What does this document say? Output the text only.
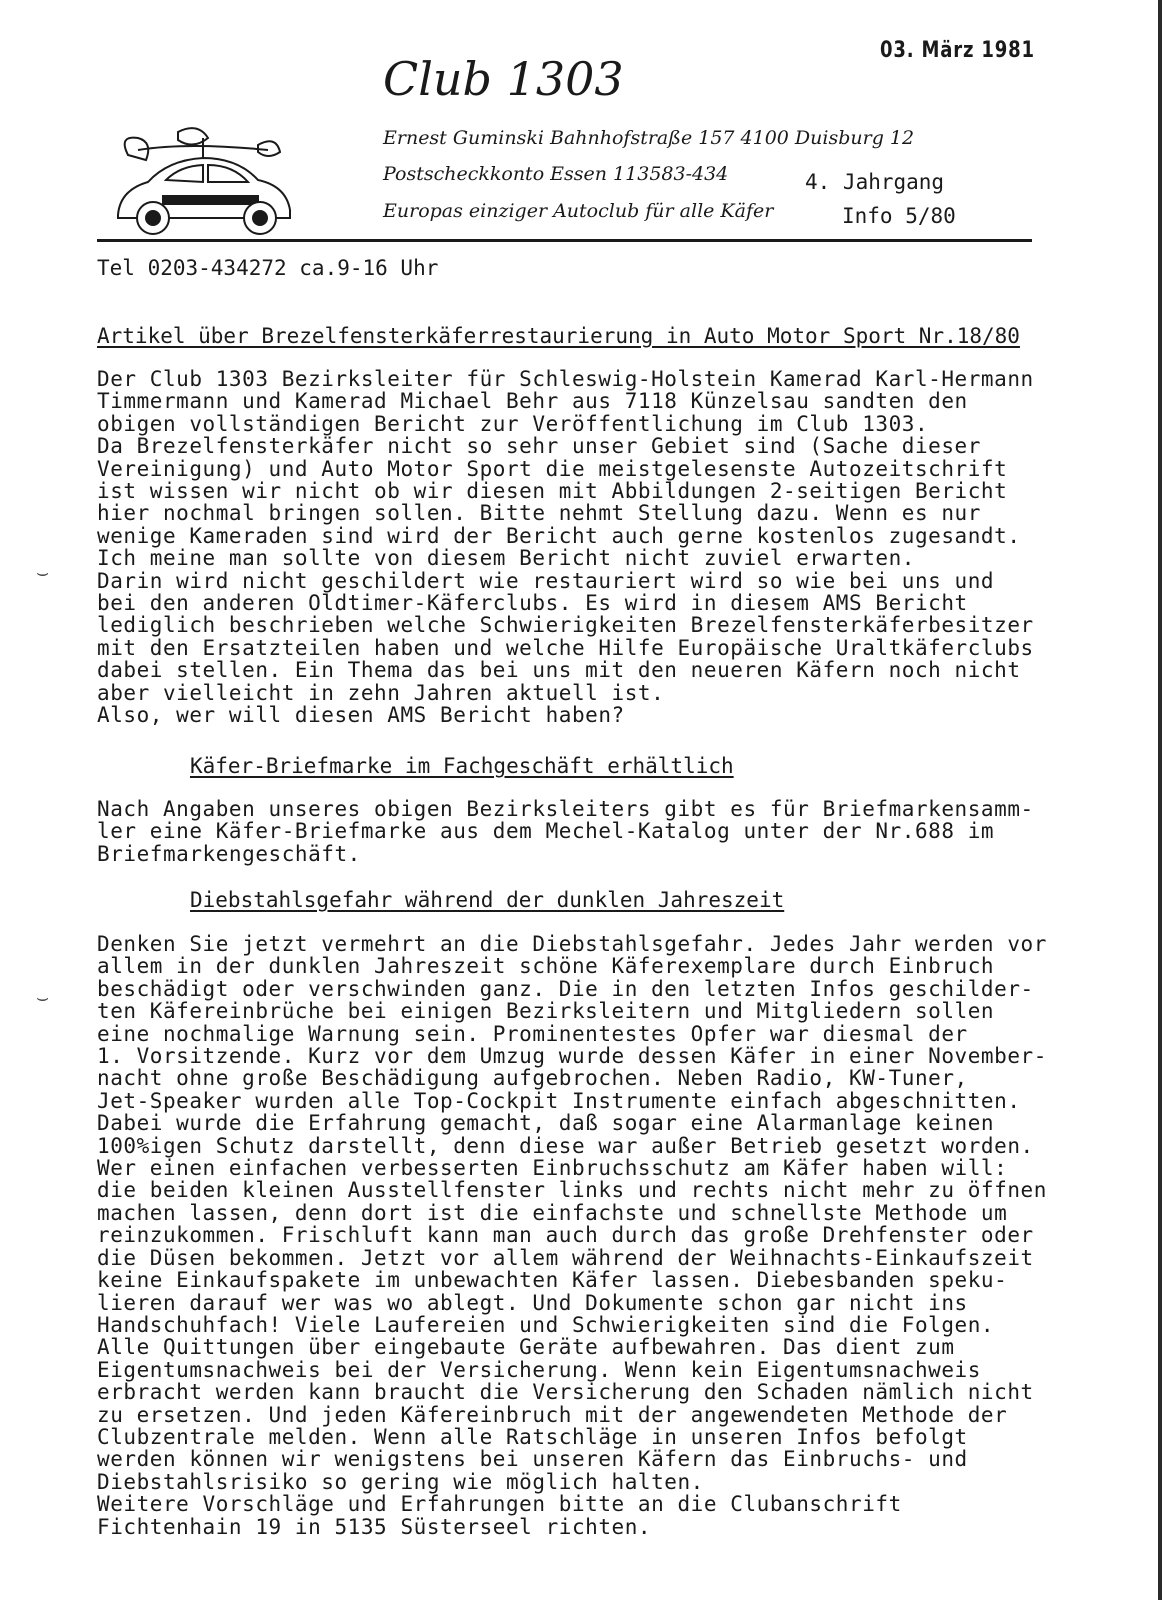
03. März 1981
Club 1303
Ernest Guminski Bahnhofstraße 157 4100 Duisburg 12
Postscheckkonto Essen 113583-434
Europas einziger Autoclub für alle Käfer
4. Jahrgang
Info 5/80
Tel 0203-434272 ca.9-16 Uhr
Artikel über Brezelfensterkäferrestaurierung in Auto Motor Sport Nr.18/80
Der Club 1303 Bezirksleiter für Schleswig-Holstein Kamerad Karl-Hermann
Timmermann und Kamerad Michael Behr aus 7118 Künzelsau sandten den
obigen vollständigen Bericht zur Veröffentlichung im Club 1303.
Da Brezelfensterkäfer nicht so sehr unser Gebiet sind (Sache dieser
Vereinigung) und Auto Motor Sport die meistgelesenste Autozeitschrift
ist wissen wir nicht ob wir diesen mit Abbildungen 2-seitigen Bericht
hier nochmal bringen sollen. Bitte nehmt Stellung dazu. Wenn es nur
wenige Kameraden sind wird der Bericht auch gerne kostenlos zugesandt.
Ich meine man sollte von diesem Bericht nicht zuviel erwarten.
Darin wird nicht geschildert wie restauriert wird so wie bei uns und
bei den anderen Oldtimer-Käferclubs. Es wird in diesem AMS Bericht
lediglich beschrieben welche Schwierigkeiten Brezelfensterkäferbesitzer
mit den Ersatzteilen haben und welche Hilfe Europäische Uraltkäferclubs
dabei stellen. Ein Thema das bei uns mit den neueren Käfern noch nicht
aber vielleicht in zehn Jahren aktuell ist.
Also, wer will diesen AMS Bericht haben?
Käfer-Briefmarke im Fachgeschäft erhältlich
Nach Angaben unseres obigen Bezirksleiters gibt es für Briefmarkensamm-
ler eine Käfer-Briefmarke aus dem Mechel-Katalog unter der Nr.688 im
Briefmarkengeschäft.
Diebstahlsgefahr während der dunklen Jahreszeit
Denken Sie jetzt vermehrt an die Diebstahlsgefahr. Jedes Jahr werden vor
allem in der dunklen Jahreszeit schöne Käferexemplare durch Einbruch
beschädigt oder verschwinden ganz. Die in den letzten Infos geschilder-
ten Käfereinbrüche bei einigen Bezirksleitern und Mitgliedern sollen
eine nochmalige Warnung sein. Prominentestes Opfer war diesmal der
1. Vorsitzende. Kurz vor dem Umzug wurde dessen Käfer in einer November-
nacht ohne große Beschädigung aufgebrochen. Neben Radio, KW-Tuner,
Jet-Speaker wurden alle Top-Cockpit Instrumente einfach abgeschnitten.
Dabei wurde die Erfahrung gemacht, daß sogar eine Alarmanlage keinen
100%igen Schutz darstellt, denn diese war außer Betrieb gesetzt worden.
Wer einen einfachen verbesserten Einbruchsschutz am Käfer haben will:
die beiden kleinen Ausstellfenster links und rechts nicht mehr zu öffnen
machen lassen, denn dort ist die einfachste und schnellste Methode um
reinzukommen. Frischluft kann man auch durch das große Drehfenster oder
die Düsen bekommen. Jetzt vor allem während der Weihnachts-Einkaufszeit
keine Einkaufspakete im unbewachten Käfer lassen. Diebesbanden speku-
lieren darauf wer was wo ablegt. Und Dokumente schon gar nicht ins
Handschuhfach! Viele Laufereien und Schwierigkeiten sind die Folgen.
Alle Quittungen über eingebaute Geräte aufbewahren. Das dient zum
Eigentumsnachweis bei der Versicherung. Wenn kein Eigentumsnachweis
erbracht werden kann braucht die Versicherung den Schaden nämlich nicht
zu ersetzen. Und jeden Käfereinbruch mit der angewendeten Methode der
Clubzentrale melden. Wenn alle Ratschläge in unseren Infos befolgt
werden können wir wenigstens bei unseren Käfern das Einbruchs- und
Diebstahlsrisiko so gering wie möglich halten.
Weitere Vorschläge und Erfahrungen bitte an die Clubanschrift
Fichtenhain 19 in 5135 Süsterseel richten.
⌣
⌣
